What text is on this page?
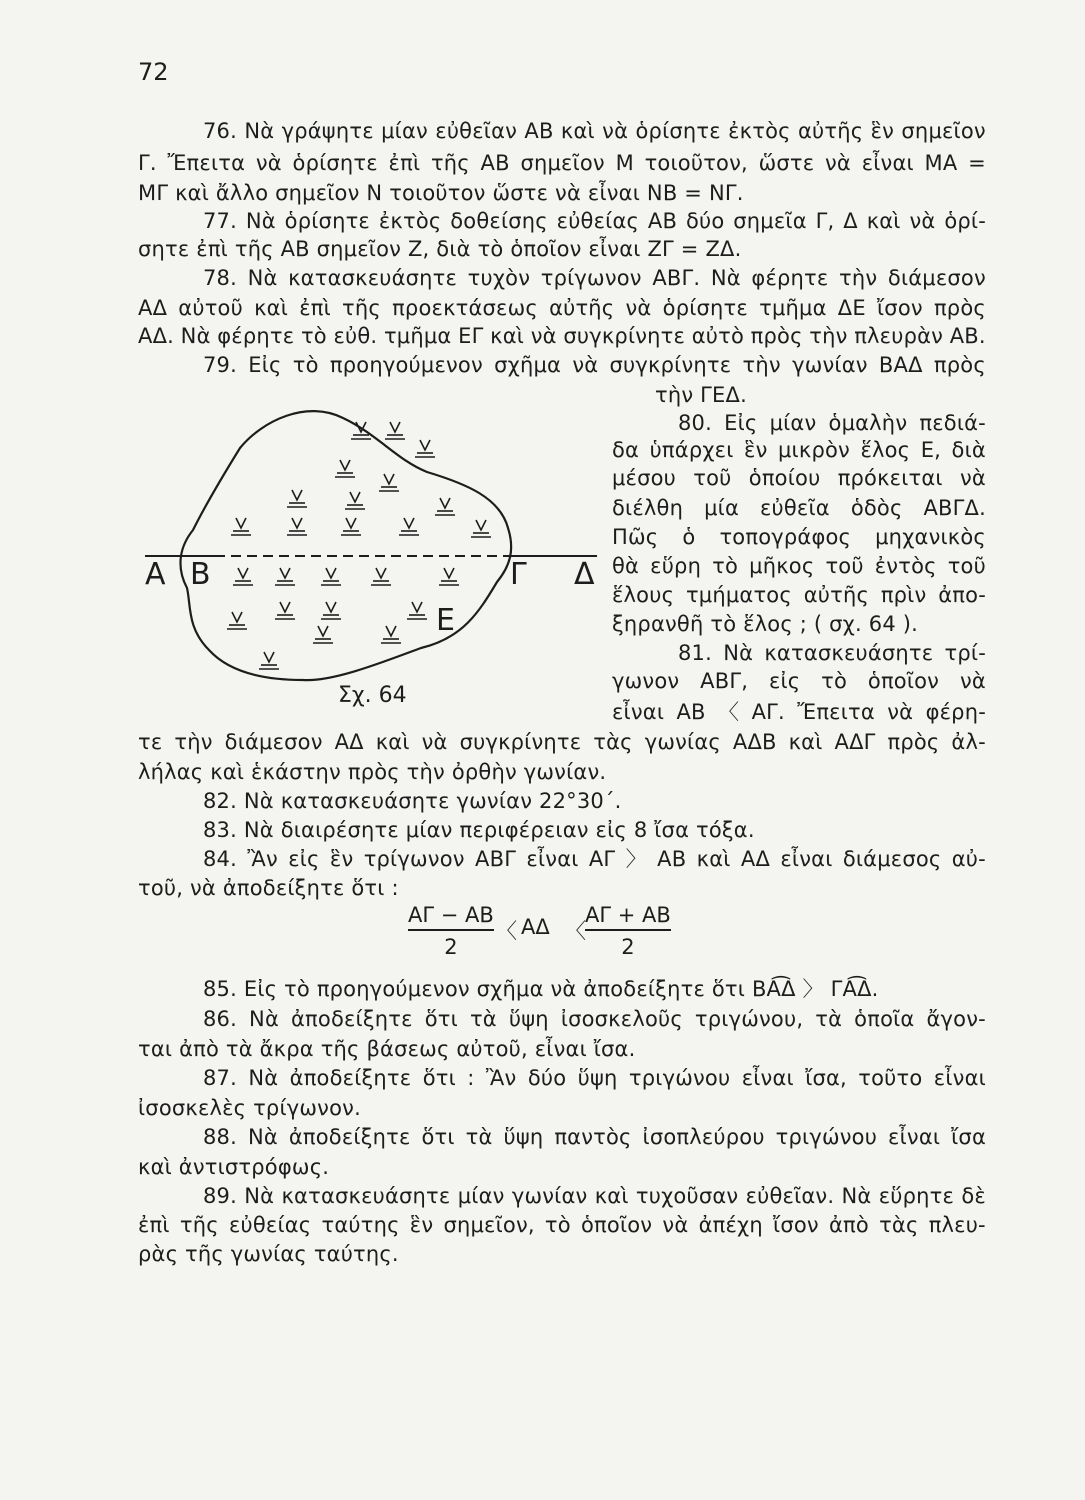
72
76. Νὰ γράψητε μίαν εὐθεῖαν ΑΒ καὶ νὰ ὁρίσητε ἐκτὸς αὐτῆς ἓν σημεῖον
Γ. Ἔπειτα νὰ ὁρίσητε ἐπὶ τῆς ΑΒ σημεῖον Μ τοιοῦτον, ὥστε νὰ εἶναι ΜΑ =
ΜΓ καὶ ἄλλο σημεῖον Ν τοιοῦτον ὥστε νὰ εἶναι ΝΒ = ΝΓ.
77. Νὰ ὁρίσητε ἐκτὸς δοθείσης εὐθείας ΑΒ δύο σημεῖα Γ, Δ καὶ νὰ ὁρί-
σητε ἐπὶ τῆς ΑΒ σημεῖον Ζ, διὰ τὸ ὁποῖον εἶναι ΖΓ = ΖΔ.
78. Νὰ κατασκευάσητε τυχὸν τρίγωνον ΑΒΓ. Νὰ φέρητε τὴν διάμεσον
ΑΔ αὐτοῦ καὶ ἐπὶ τῆς προεκτάσεως αὐτῆς νὰ ὁρίσητε τμῆμα ΔΕ ἴσον πρὸς
ΑΔ. Νὰ φέρητε τὸ εὐθ. τμῆμα ΕΓ καὶ νὰ συγκρίνητε αὐτὸ πρὸς τὴν πλευρὰν ΑΒ.
79. Εἰς τὸ προηγούμενον σχῆμα νὰ συγκρίνητε τὴν γωνίαν ΒΑΔ πρὸς
τὴν ΓΕΔ.
80. Εἰς μίαν ὁμαλὴν πεδιά-
δα ὑπάρχει ἓν μικρὸν ἕλος Ε, διὰ
μέσου τοῦ ὁποίου πρόκειται νὰ
διέλθη μία εὐθεῖα ὁδὸς ΑΒΓΔ.
Πῶς ὁ τοπογράφος μηχανικὸς
θὰ εὕρη τὸ μῆκος τοῦ ἐντὸς τοῦ
ἕλους τμήματος αὐτῆς πρὶν ἀπο-
ξηρανθῆ τὸ ἕλος ; ( σχ. 64 ).
81. Νὰ κατασκευάσητε τρί-
γωνον ΑΒΓ, εἰς τὸ ὁποῖον νὰ
εἶναι ΑΒ 〈 ΑΓ. Ἔπειτα νὰ φέρη-
τε τὴν διάμεσον ΑΔ καὶ νὰ συγκρίνητε τὰς γωνίας ΑΔΒ καὶ ΑΔΓ πρὸς ἀλ-
λήλας καὶ ἑκάστην πρὸς τὴν ὀρθὴν γωνίαν.
82. Νὰ κατασκευάσητε γωνίαν 22°30΄.
83. Νὰ διαιρέσητε μίαν περιφέρειαν εἰς 8 ἴσα τόξα.
84. Ἂν εἰς ἓν τρίγωνον ΑΒΓ εἶναι ΑΓ 〉 ΑΒ καὶ ΑΔ εἶναι διάμεσος αὐ-
τοῦ, νὰ ἀποδείξητε ὅτι :
ΑΓ − ΑΒ
2
〈 ΑΔ 〈
ΑΓ + ΑΒ
2
85. Εἰς τὸ προηγούμενον σχῆμα νὰ ἀποδείξητε ὅτι ΒΑ͡Δ 〉 ΓΑ͡Δ.
86. Νὰ ἀποδείξητε ὅτι τὰ ὕψη ἰσοσκελοῦς τριγώνου, τὰ ὁποῖα ἄγον-
ται ἀπὸ τὰ ἄκρα τῆς βάσεως αὐτοῦ, εἶναι ἴσα.
87. Νὰ ἀποδείξητε ὅτι : Ἂν δύο ὕψη τριγώνου εἶναι ἴσα, τοῦτο εἶναι
ἰσοσκελὲς τρίγωνον.
88. Νὰ ἀποδείξητε ὅτι τὰ ὕψη παντὸς ἰσοπλεύρου τριγώνου εἶναι ἴσα
καὶ ἀντιστρόφως.
89. Νὰ κατασκευάσητε μίαν γωνίαν καὶ τυχοῦσαν εὐθεῖαν. Νὰ εὕρητε δὲ
ἐπὶ τῆς εὐθείας ταύτης ἓν σημεῖον, τὸ ὁποῖον νὰ ἀπέχη ἴσον ἀπὸ τὰς πλευ-
ρὰς τῆς γωνίας ταύτης.
Α Β	Γ Δ
Ε
Σχ. 64
